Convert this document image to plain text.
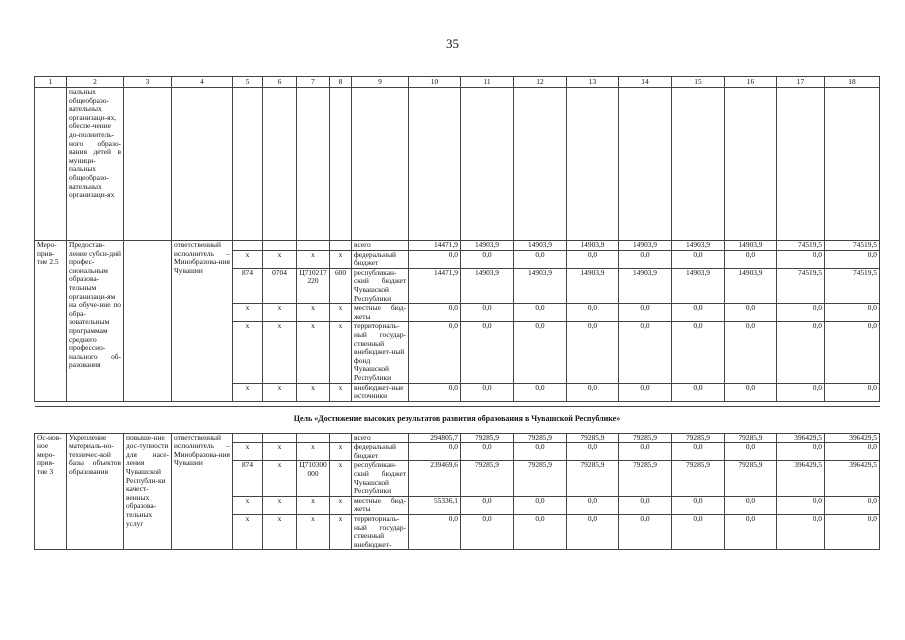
35
1	2	3	4	5	6	7	8	9	10	11	12	13	14	15	16	17	18
	пальных общеобразо-вательных организаци-ях, обеспе-чение до-полнитель-ного образо-вания детей в муници-пальных общеобразо-вательных организаци-ях																
Меро-прия-тие 2.5	Предостав-ление субси-дий профес-сиональным образова-тельным организаци-ям на обуче-ние по обра-зовательным программам среднего профессио-нального об-разования		ответственный исполнитель – Минобразова-ния Чувашии					всего	14471,9	14903,9	14903,9	14903,9	14903,9	14903,9	14903,9	74519,5	74519,5
				x	x	x	x	федеральный бюджет	0,0	0,0	0,0	0,0	0,0	0,0	0,0	0,0	0,0
				874	0704	Ц710217 220	600	республикан-ский бюджет Чувашской Республики	14471,9	14903,9	14903,9	14903,9	14903,9	14903,9	14903,9	74519,5	74519,5
				x	x	x	x	местные бюд-жеты	0,0	0,0	0,0	0,0	0,0	0,0	0,0	0,0	0,0
				x	x	x	x	территориаль-ный государ-ственный внебюджет-ный фонд Чувашской Республики	0,0	0,0	0,0	0,0	0,0	0,0	0,0	0,0	0,0
				x	x	x	x	внебюджет-ные источники	0,0	0,0	0,0	0,0	0,0	0,0	0,0	0,0	0,0

Цель «Достижение высоких результатов развития образования в Чувашской Республике»																	
Ос-нов-ное меро-прия-тие 3	Укрепление материаль-но-техничес-кой базы объектов образования	повыше-ние дос-тупности для насе-ления Чувашской Республи-ки качест-венных образова-тельных услуг	ответственный исполнитель – Минобразова-ния Чувашии					всего	294805,7	79285,9	79285,9	79285,9	79285,9	79285,9	79285,9	396429,5	396429,5
				x	x	x	x	федеральный бюджет	0,0	0,0	0,0	0,0	0,0	0,0	0,0	0,0	0,0
				874	x	Ц710300 000	x	республикан-ский бюджет Чувашской Республики	239469,6	79285,9	79285,9	79285,9	79285,9	79285,9	79285,9	396429,5	396429,5
				x	x	x	x	местные бюд-жеты	55336,1	0,0	0,0	0,0	0,0	0,0	0,0	0,0	0,0
				x	x	x	x	территориаль-ный государ-ственный внебюджет-	0,0	0,0	0,0	0,0	0,0	0,0	0,0	0,0	0,0
